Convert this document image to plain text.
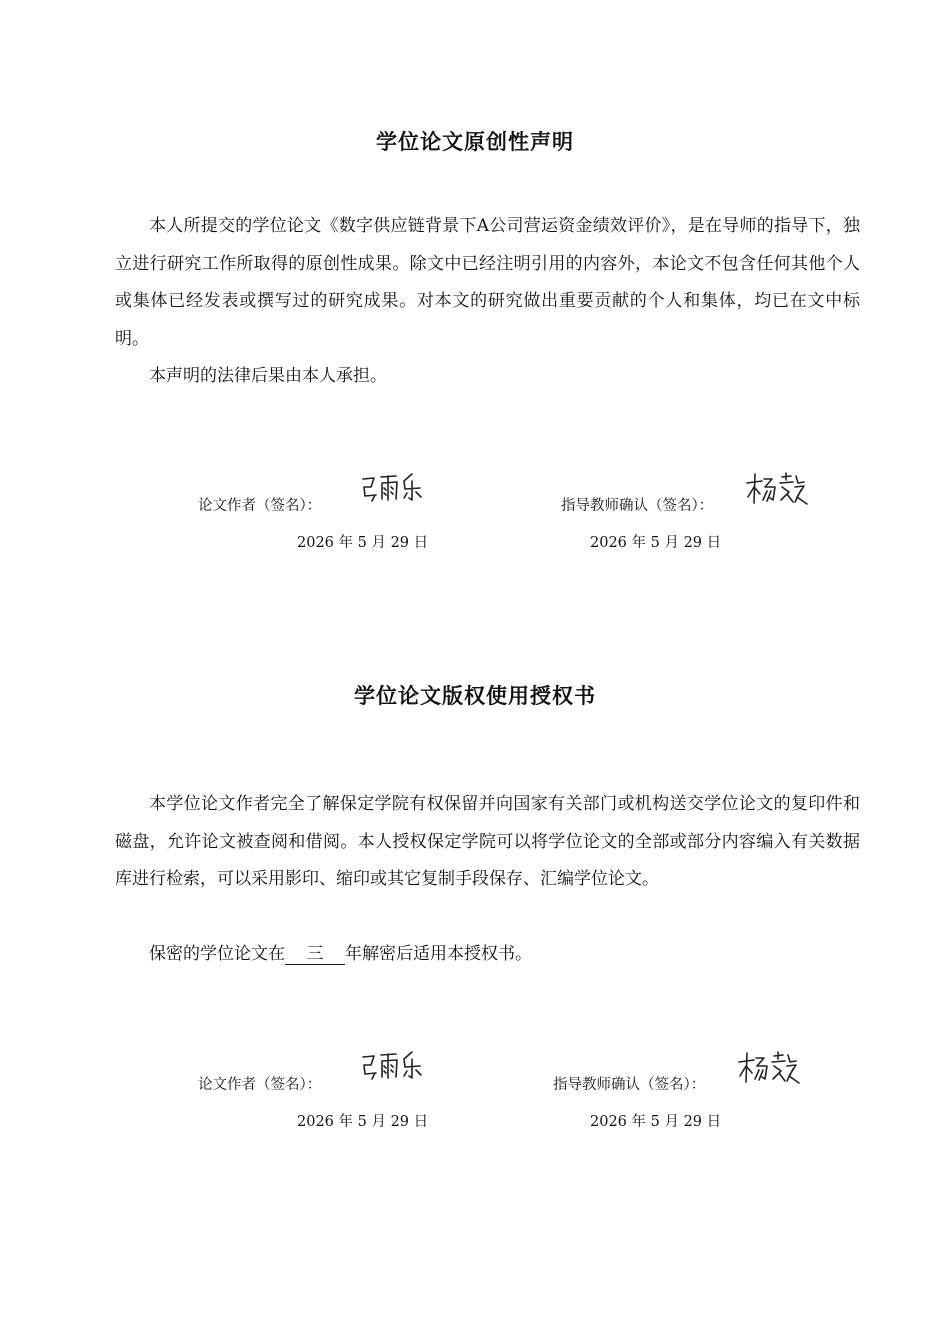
学位论文原创性声明

本人所提交的学位论文《数字供应链背景下A公司营运资金绩效评价》，是在导师的指导下，独立进行研究工作所取得的原创性成果。除文中已经注明引用的内容外，本论文不包含任何其他个人或集体已经发表或撰写过的研究成果。对本文的研究做出重要贡献的个人和集体，均已在文中标明。

本声明的法律后果由本人承担。

论文作者（签名）：	指导教师确认（签名）：
2026 年 5 月 29 日	2026 年 5 月 29 日
学位论文版权使用授权书

本学位论文作者完全了解保定学院有权保留并向国家有关部门或机构送交学位论文的复印件和磁盘，允许论文被查阅和借阅。本人授权保定学院可以将学位论文的全部或部分内容编入有关数据库进行检索，可以采用影印、缩印或其它复制手段保存、汇编学位论文。

保密的学位论文在 三 年解密后适用本授权书。

论文作者（签名）：	指导教师确认（签名）：
2026 年 5 月 29 日	2026 年 5 月 29 日
